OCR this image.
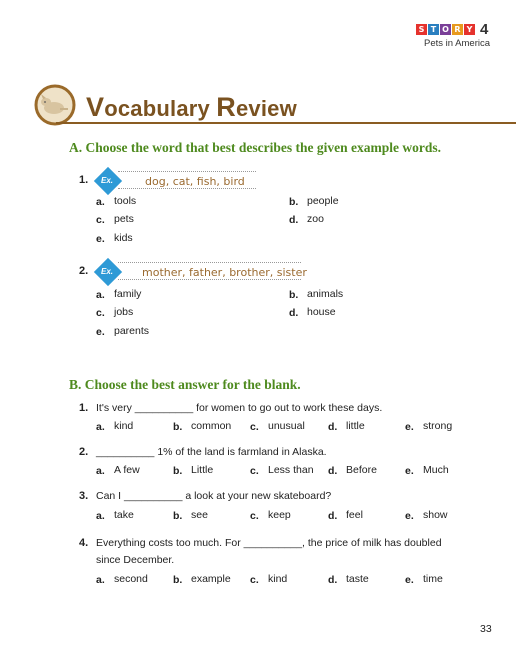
S T O R Y 4
Pets in America
Vocabulary Review
A. Choose the word that best describes the given example words.
1. Ex.	dog, cat, fish, bird
a. tools	b. people
c. pets	d. zoo
e. kids
2. Ex.	mother, father, brother, sister
a. family	b. animals
c. jobs	d. house
e. parents
B. Choose the best answer for the blank.
1. It's very __________ for women to go out to work these days.
a. kind	b. common c. unusual d. little	e. strong
2. __________ 1% of the land is farmland in Alaska.
a. A few	b. Little	c. Less than d. Before	e. Much
3. Can I __________ a look at your new skateboard?
a. take	b. see	c. keep	d. feel	e. show
4. Everything costs too much. For __________, the price of milk has doubled
since December.
a. second b. example c. kind	d. taste	e. time
33
